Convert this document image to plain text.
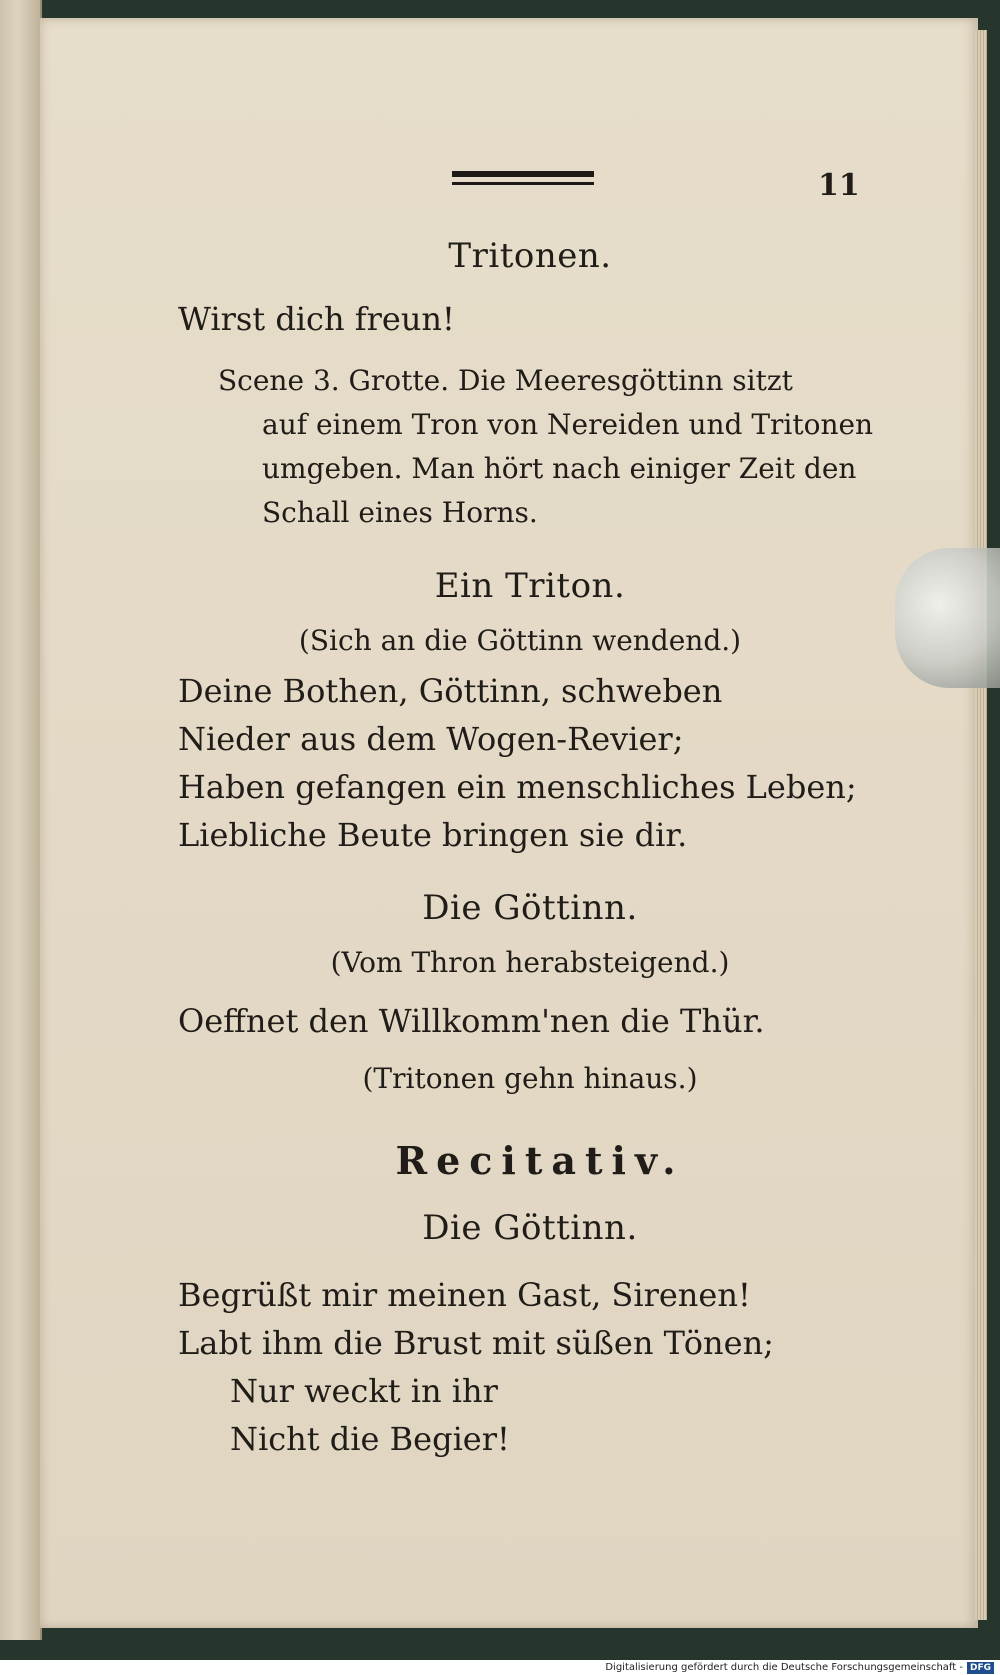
11

Tritonen.

Wirst dich freun!

Scene 3. Grotte. Die Meeresgöttinn sitzt

auf einem Tron von Nereiden und Tritonen

umgeben. Man hört nach einiger Zeit den

Schall eines Horns.

Ein Triton.

(Sich an die Göttinn wendend.)

Deine Bothen, Göttinn, schweben

Nieder aus dem Wogen-Revier;

Haben gefangen ein menschliches Leben;

Liebliche Beute bringen sie dir.

Die Göttinn.

(Vom Thron herabsteigend.)

Oeffnet den Willkomm'nen die Thür.

(Tritonen gehn hinaus.)

Recitativ.

Die Göttinn.

Begrüßt mir meinen Gast, Sirenen!

Labt ihm die Brust mit süßen Tönen;

Nur weckt in ihr

Nicht die Begier!

Digitalisierung gefördert durch die Deutsche Forschungsgemeinschaft - DFG
